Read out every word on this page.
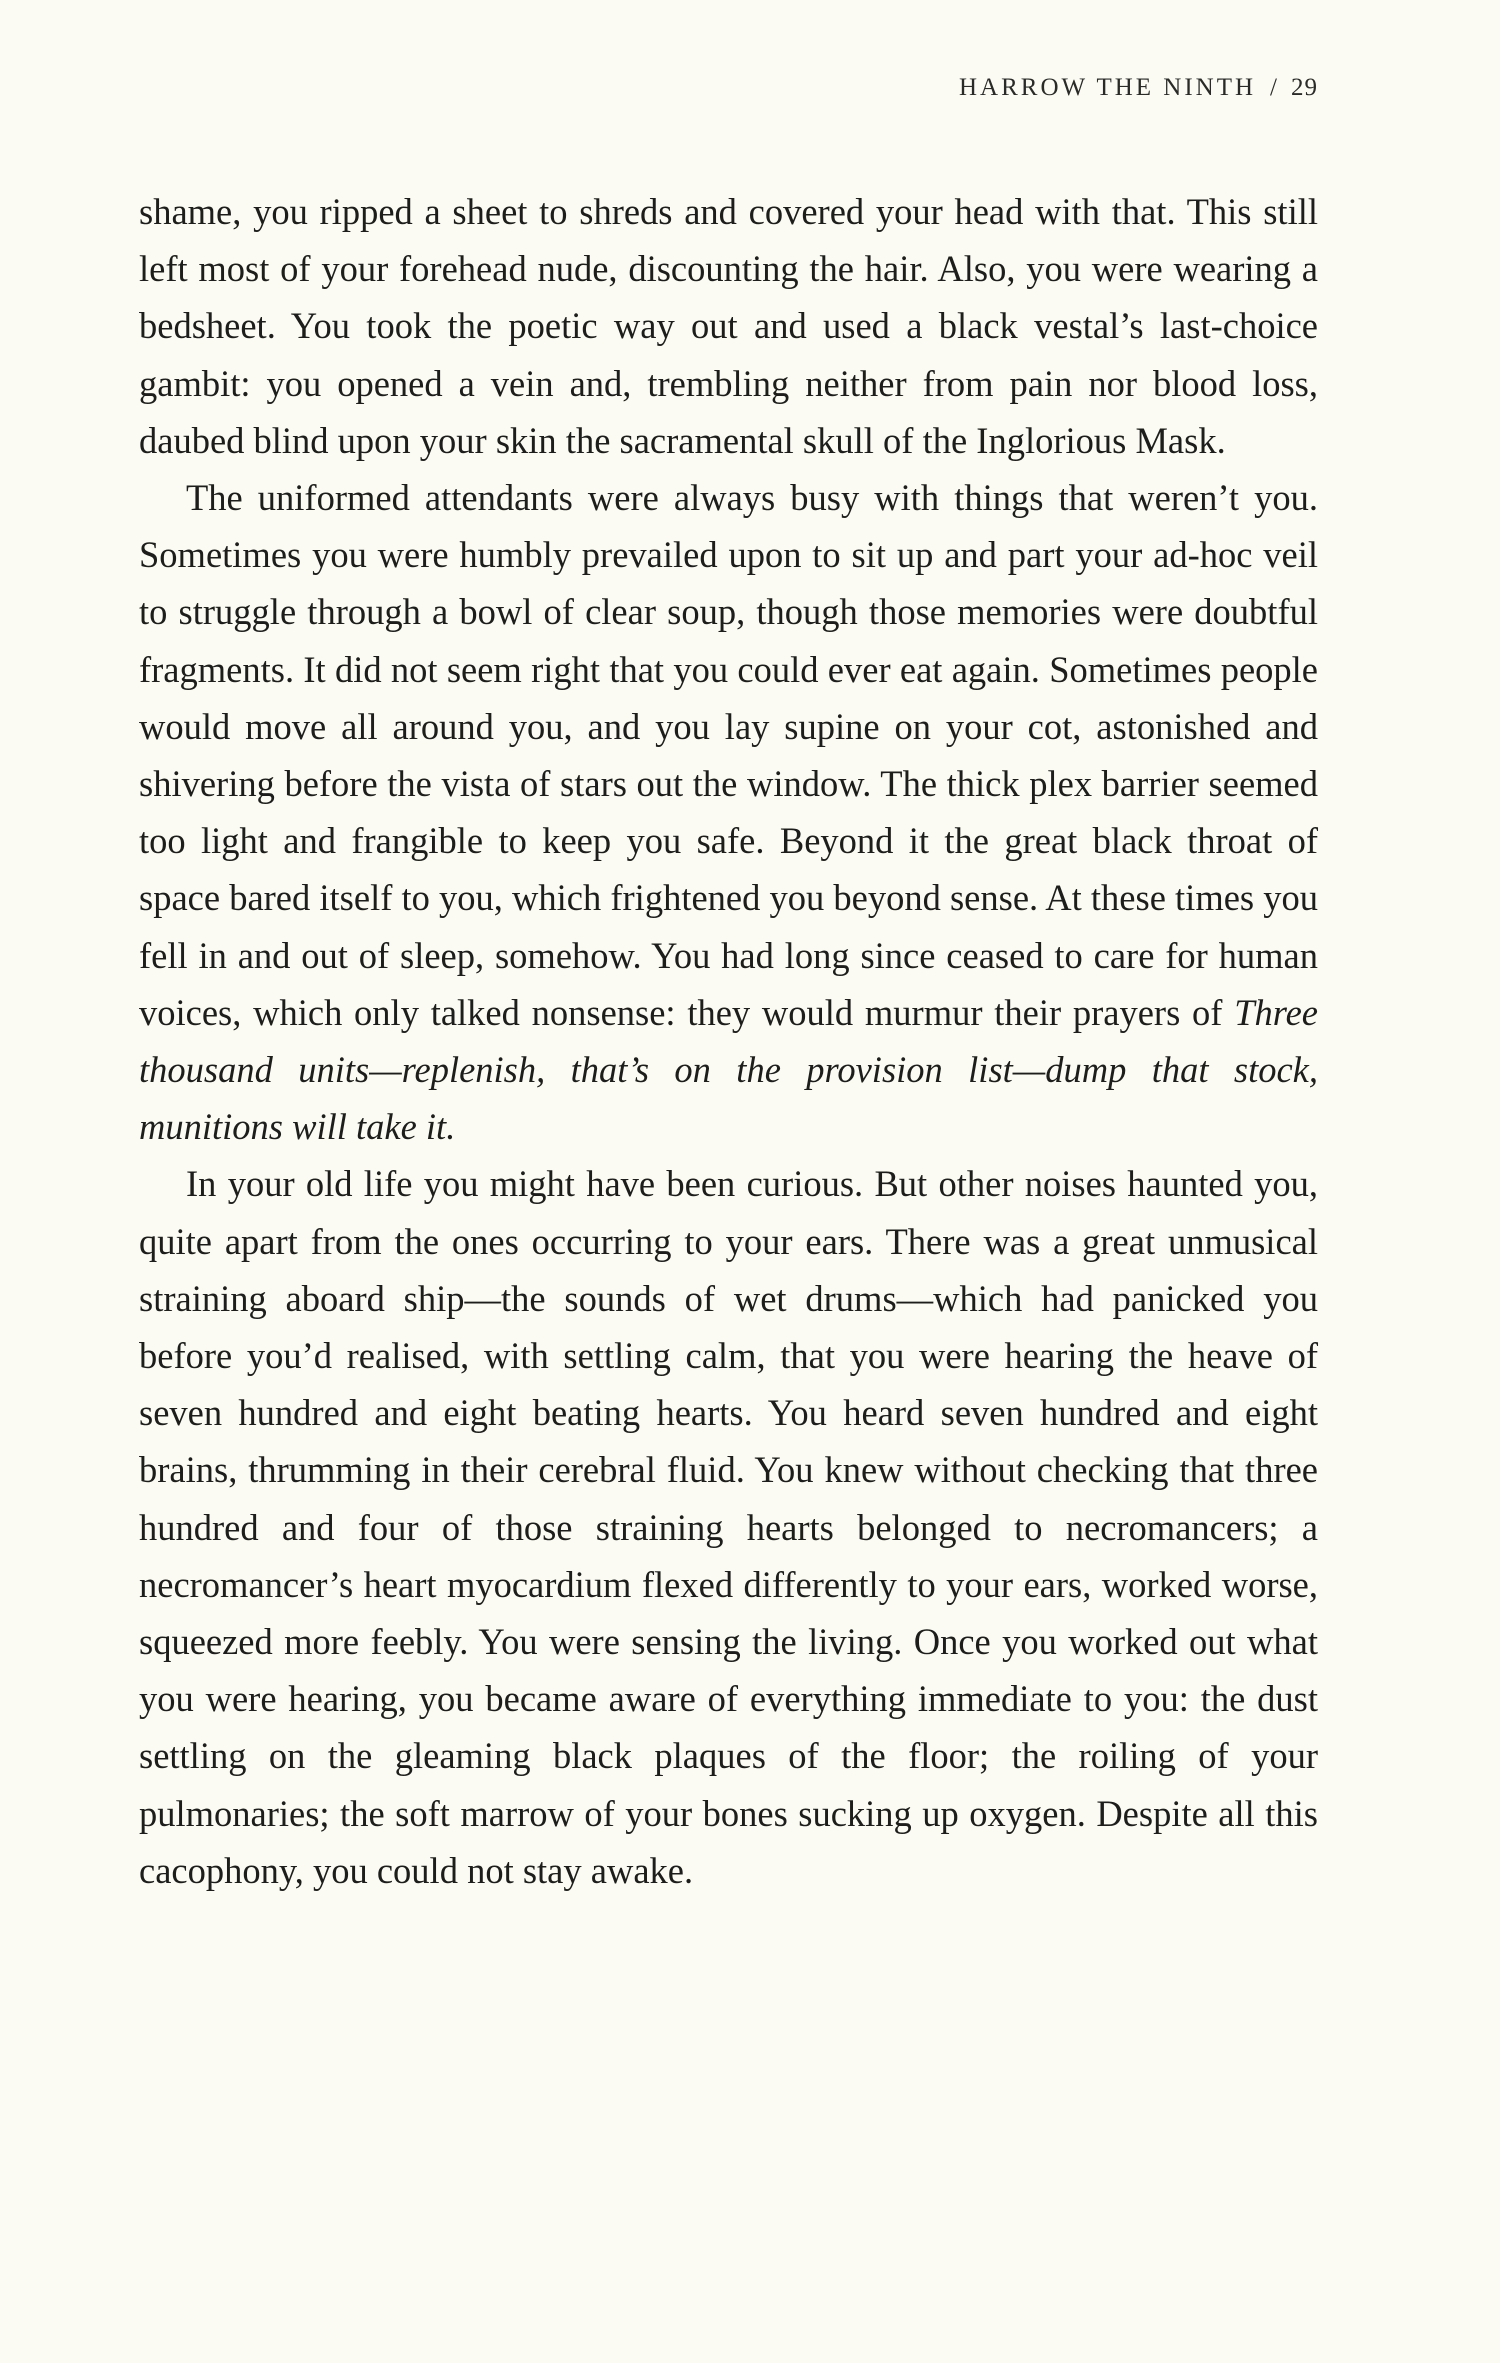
HARROW THE NINTH / 29

shame, you ripped a sheet to shreds and covered your head with that. This still left most of your forehead nude, discounting the hair. Also, you were wearing a bedsheet. You took the poetic way out and used a black vestal’s last-choice gambit: you opened a vein and, trembling neither from pain nor blood loss, daubed blind upon your skin the sacramental skull of the Inglorious Mask.

The uniformed attendants were always busy with things that weren’t you. Sometimes you were humbly prevailed upon to sit up and part your ad-hoc veil to struggle through a bowl of clear soup, though those memories were doubtful fragments. It did not seem right that you could ever eat again. Sometimes people would move all around you, and you lay supine on your cot, astonished and shivering before the vista of stars out the window. The thick plex barrier seemed too light and frangible to keep you safe. Beyond it the great black throat of space bared itself to you, which frightened you beyond sense. At these times you fell in and out of sleep, somehow. You had long since ceased to care for human voices, which only talked nonsense: they would murmur their prayers of Three thousand units—replenish, that’s on the provision list—dump that stock, munitions will take it.

In your old life you might have been curious. But other noises haunted you, quite apart from the ones occurring to your ears. There was a great unmusical straining aboard ship—the sounds of wet drums—which had panicked you before you’d realised, with settling calm, that you were hearing the heave of seven hundred and eight beating hearts. You heard seven hundred and eight brains, thrumming in their cerebral fluid. You knew without checking that three hundred and four of those straining hearts belonged to necromancers; a necromancer’s heart myocardium flexed differently to your ears, worked worse, squeezed more feebly. You were sensing the living. Once you worked out what you were hearing, you became aware of everything immediate to you: the dust settling on the gleaming black plaques of the floor; the roiling of your pulmonaries; the soft marrow of your bones sucking up oxygen. Despite all this cacophony, you could not stay awake.
